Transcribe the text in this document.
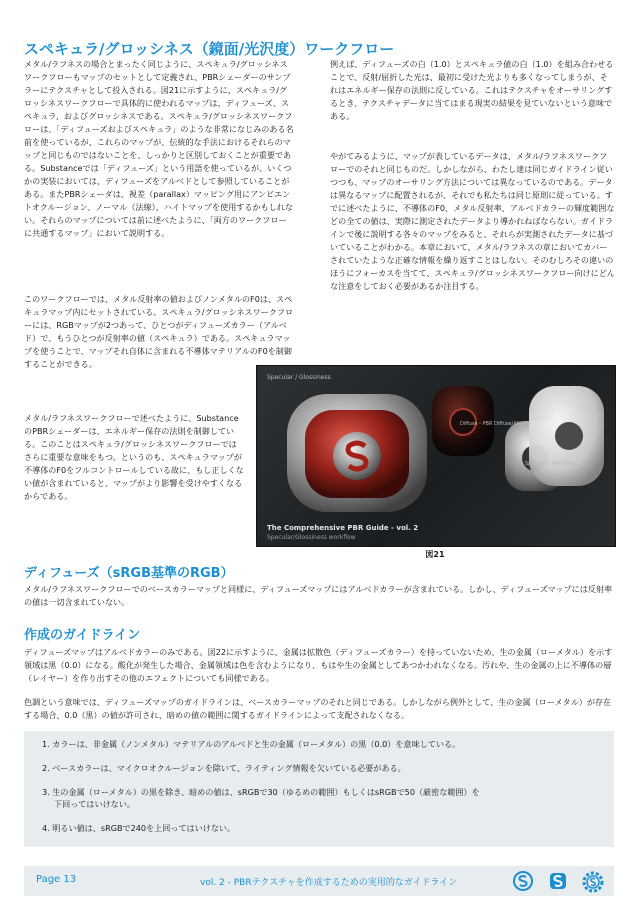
スペキュラ/グロッシネス（鏡面/光沢度）ワークフロー

メタル/ラフネスの場合とまったく同じように、スペキュラ/グロッシネスワークフローもマップのセットとして定義され、PBRシェーダーのサンプラーにテクスチャとして投入される。図21に示すように、スペキュラ/グロッシネスワークフローで具体的に使われるマップは、ディフューズ、スペキュラ、およびグロッシネスである。スペキュラ/グロッシネスワークフローは、「ディフューズおよびスペキュラ」のような非常になじみのある名前を使っているが、これらのマップが、伝統的な手法におけるそれらのマップと同じものではないことを、しっかりと区別しておくことが重要である。Substanceでは「ディフューズ」という用語を使っているが、いくつかの実装においては、ディフューズをアルベドとして参照していることがある。またPBRシェーダは、視差（parallax）マッピング用にアンビエントオクルージョン、ノーマル（法線）、ハイトマップを使用するかもしれない。それらのマップについては前に述べたように、「両方のワークフローに共通するマップ」において説明する。

このワークフローでは、メタル反射率の値およびノンメタルのF0は、スペキュラマップ内にセットされている。スペキュラ/グロッシネスワークフローには、RGBマップが2つあって、ひとつがディフューズカラー（アルベド）で、もうひとつが反射率の値（スペキュラ）である。スペキュラマップを使うことで、マップそれ自体に含まれる不導体マテリアルのF0を制御することができる。

メタル/ラフネスワークフローで述べたように、SubstanceのPBRシェーダーは、エネルギー保存の法則を制御している。このことはスペキュラ/グロッシネスワークフローではさらに重要な意味をもつ。というのも、スペキュラマップが不導体のF0をフルコントロールしている故に、もし正しくない値が含まれていると、マップがより影響を受けやすくなるからである。

例えば、ディフューズの白（1.0）とスペキュラ値の白（1.0）を組み合わせることで、反射/屈折した光は、最初に受けた光よりも多くなってしまうが、それはエネルギー保存の法則に反している。これはテクスチャをオーサリングするとき、テクスチャデータに当てはまる現実の結果を見ていないという意味である。

やがてみるように、マップが表しているデータは、メタル/ラフネスワークフローでのそれと同じものだ。しかしながら、わたし達は同じガイドライン従いつつも、マップのオーサリング方法については異なっているのである。データは異なるマップに配置されるが、それでも私たちは同じ原則に従っている。すでに述べたように、不導体のF0、メタル反射率、アルベドカラーの輝度範囲などの全ての値は、実際に測定されたデータより導かれねばならない。ガイドラインで後に説明する各々のマップをみると、それらが実測されたデータに基づいていることがわかる。本章において、メタル/ラフネスの章においてカバーされていたような正確な情報を繰り返すことはしない。そのむしろその違いのほうにフォーカスを当てて、スペキュラ/グロッシネスワークフロー向けにどんな注意をしておく必要があるか注目する。

Specular / Glossiness
Diffuse - PBR Diffuse/Albedo
Specular - PBR Specular
The Comprehensive PBR Guide - vol. 2
Specular/Glossiness workflow
図21
ディフューズ（sRGB基準のRGB）

メタル/ラフネスワークフローでのベースカラーマップと同様に、ディフューズマップにはアルベドカラーが含まれている。しかし、ディフューズマップには反射率の値は一切含まれていない。

作成のガイドライン

ディフューズマップはアルベドカラーのみである。図22に示すように、金属は拡散色（ディフューズカラー）を持っていないため、生の金属（ローメタル）を示す領域は黒（0.0）になる。酸化が発生した場合、金属領域は色を含むようになり、もはや生の金属としてあつかわれなくなる。汚れや、生の金属の上に不導体の層（レイヤー）を作り出すその他のエフェクトについても同様である。

色調という意味では、ディフューズマップのガイドラインは、ベースカラーマップのそれと同じである。しかしながら例外として、生の金属（ローメタル）が存在する場合、0.0（黒）の値が許可され、暗めの値の範囲に関するガイドラインによって支配されなくなる。

1. カラーは、非金属（ノンメタル）マテリアルのアルベドと生の金属（ローメタル）の黒（0.0）を意味している。
2. ベースカラーは、マイクロオクルージョンを除いて、ライティング情報を欠いている必要がある。
3. 生の金属（ローメタル）の黒を除き、暗めの値は、sRGBで30（ゆるめの範囲）もしくはsRGBで50（厳密な範囲）を
下回ってはいけない。
4. 明るい値は、sRGBで240を上回ってはいけない。
Page 13	vol. 2 - PBRテクスチャを作成するための実用的なガイドライン
